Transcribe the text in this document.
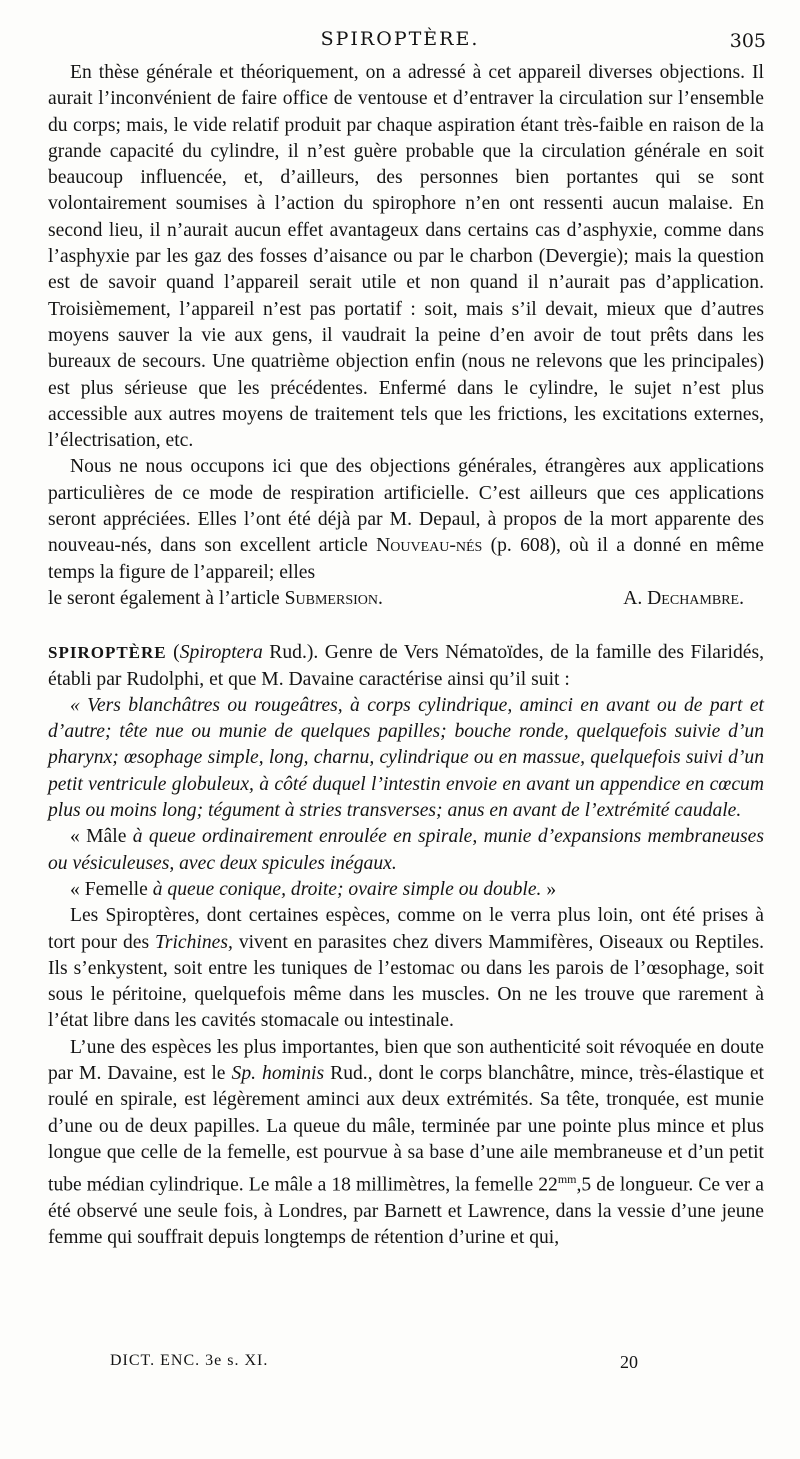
SPIROPTÈRE.	305

En thèse générale et théoriquement, on a adressé à cet appareil diverses objections. Il aurait l’inconvénient de faire office de ventouse et d’entraver la circulation sur l’ensemble du corps; mais, le vide relatif produit par chaque aspiration étant très-faible en raison de la grande capacité du cylindre, il n’est guère probable que la circulation générale en soit beaucoup influencée, et, d’ailleurs, des personnes bien portantes qui se sont volontairement soumises à l’action du spirophore n’en ont ressenti aucun malaise. En second lieu, il n’aurait aucun effet avantageux dans certains cas d’asphyxie, comme dans l’asphyxie par les gaz des fosses d’aisance ou par le charbon (Devergie); mais la question est de savoir quand l’appareil serait utile et non quand il n’aurait pas d’application. Troisièmement, l’appareil n’est pas portatif : soit, mais s’il devait, mieux que d’autres moyens sauver la vie aux gens, il vaudrait la peine d’en avoir de tout prêts dans les bureaux de secours. Une quatrième objection enfin (nous ne relevons que les principales) est plus sérieuse que les précédentes. Enfermé dans le cylindre, le sujet n’est plus accessible aux autres moyens de traitement tels que les frictions, les excitations externes, l’électrisation, etc.

Nous ne nous occupons ici que des objections générales, étrangères aux applications particulières de ce mode de respiration artificielle. C’est ailleurs que ces applications seront appréciées. Elles l’ont été déjà par M. Depaul, à propos de la mort apparente des nouveau-nés, dans son excellent article Nouveau-nés (p. 608), où il a donné en même temps la figure de l’appareil; elles

le seront également à l’article Submersion.	A. Dechambre.

SPIROPTÈRE (Spiroptera Rud.). Genre de Vers Nématoïdes, de la famille des Filaridés, établi par Rudolphi, et que M. Davaine caractérise ainsi qu’il suit :

« Vers blanchâtres ou rougeâtres, à corps cylindrique, aminci en avant ou de part et d’autre; tête nue ou munie de quelques papilles; bouche ronde, quelquefois suivie d’un pharynx; œsophage simple, long, charnu, cylindrique ou en massue, quelquefois suivi d’un petit ventricule globuleux, à côté duquel l’intestin envoie en avant un appendice en cœcum plus ou moins long; tégument à stries transverses; anus en avant de l’extrémité caudale.

« Mâle à queue ordinairement enroulée en spirale, munie d’expansions membraneuses ou vésiculeuses, avec deux spicules inégaux.

« Femelle à queue conique, droite; ovaire simple ou double. »

Les Spiroptères, dont certaines espèces, comme on le verra plus loin, ont été prises à tort pour des Trichines, vivent en parasites chez divers Mammifères, Oiseaux ou Reptiles. Ils s’enkystent, soit entre les tuniques de l’estomac ou dans les parois de l’œsophage, soit sous le péritoine, quelquefois même dans les muscles. On ne les trouve que rarement à l’état libre dans les cavités stomacale ou intestinale.

L’une des espèces les plus importantes, bien que son authenticité soit révoquée en doute par M. Davaine, est le Sp. hominis Rud., dont le corps blanchâtre, mince, très-élastique et roulé en spirale, est légèrement aminci aux deux extrémités. Sa tête, tronquée, est munie d’une ou de deux papilles. La queue du mâle, terminée par une pointe plus mince et plus longue que celle de la femelle, est pourvue à sa base d’une aile membraneuse et d’un petit tube médian cylindrique. Le mâle a 18 millimètres, la femelle $22^{mm},5$ de longueur. Ce ver a été observé une seule fois, à Londres, par Barnett et Lawrence, dans la vessie d’une jeune femme qui souffrait depuis longtemps de rétention d’urine et qui,

DICT. ENC. 3e s. XI.	20
